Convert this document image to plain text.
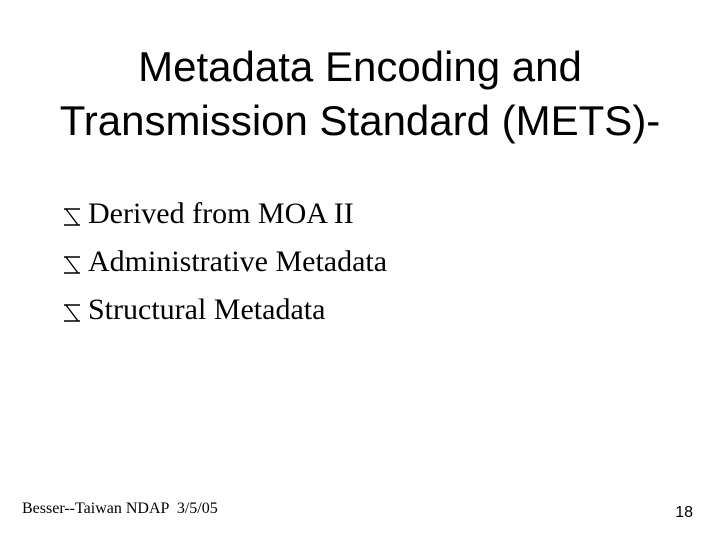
Metadata Encoding and
Transmission Standard (METS)-
Derived from MOA II
Administrative Metadata
Structural Metadata
Besser--Taiwan NDAP  3/5/05	18
